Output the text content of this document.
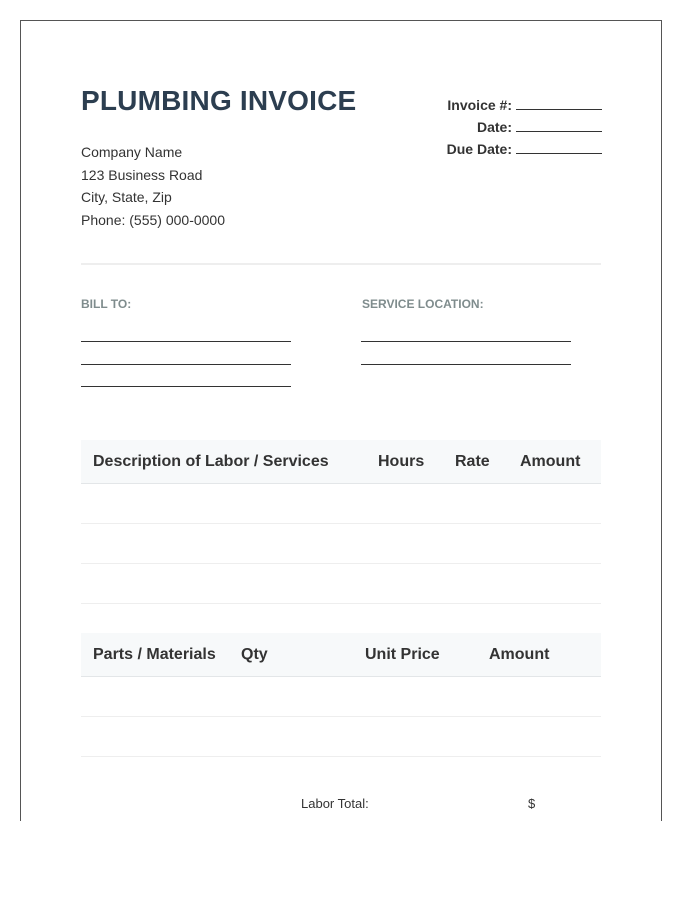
PLUMBING INVOICE
Company Name
123 Business Road
City, State, Zip
Phone: (555) 000-0000
Invoice #:
Date:
Due Date:
BILL TO:	SERVICE LOCATION:
Description of Labor / Services	Hours Rate Amount
Parts / Materials Qty	Unit Price	Amount
Labor Total:	$
